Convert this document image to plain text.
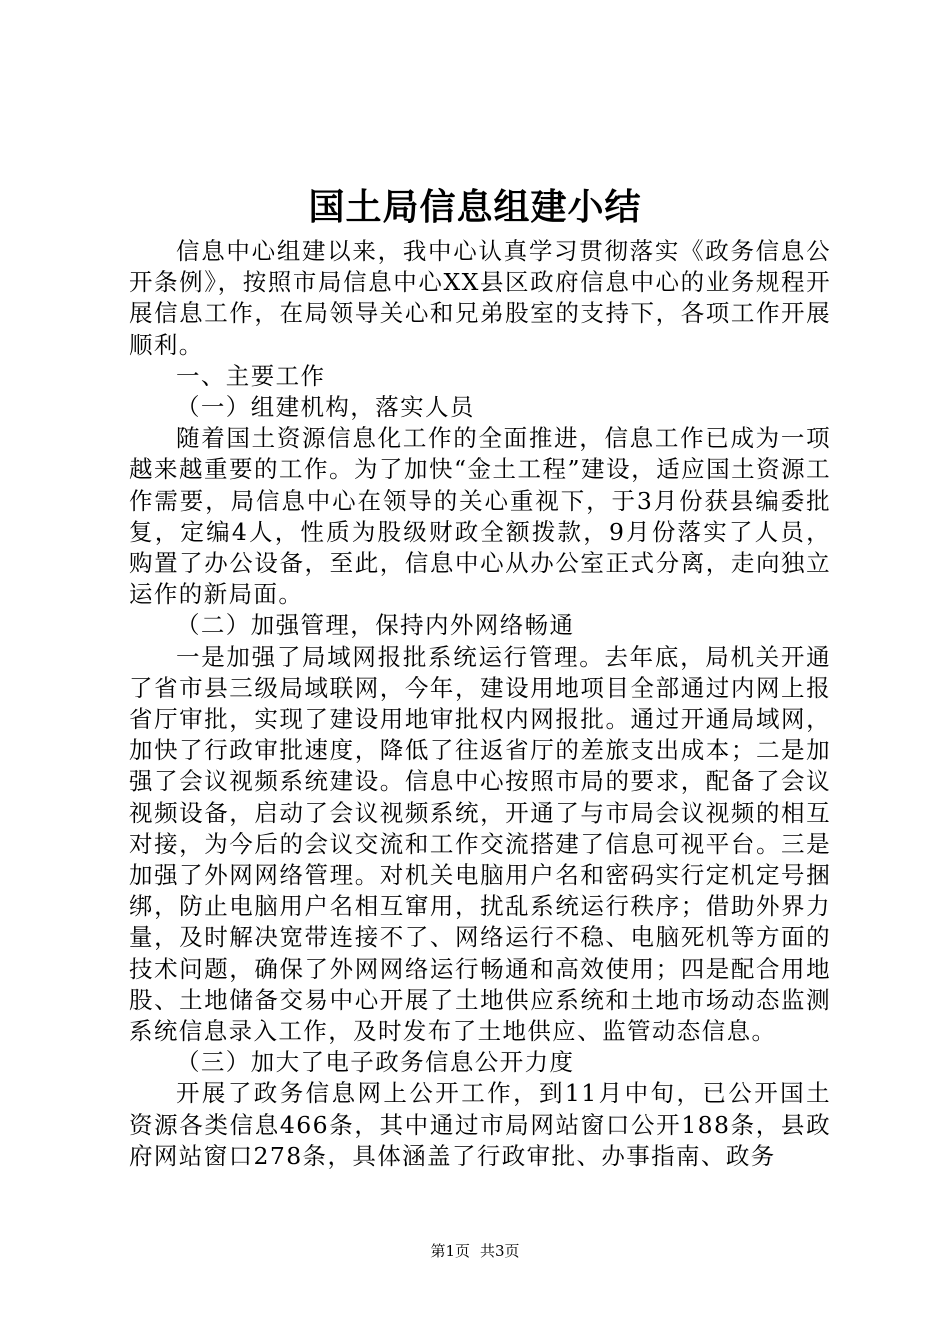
国土局信息组建小结

信息中心组建以来，我中心认真学习贯彻落实《政务信息公开条例》，按照市局信息中心XX县区政府信息中心的业务规程开展信息工作，在局领导关心和兄弟股室的支持下，各项工作开展顺利。

一、主要工作

（一）组建机构，落实人员

随着国土资源信息化工作的全面推进，信息工作已成为一项越来越重要的工作。为了加快“金土工程”建设，适应国土资源工作需要，局信息中心在领导的关心重视下，于3月份获县编委批复，定编4人，性质为股级财政全额拨款，9月份落实了人员，购置了办公设备，至此，信息中心从办公室正式分离，走向独立运作的新局面。

（二）加强管理，保持内外网络畅通

一是加强了局域网报批系统运行管理。去年底，局机关开通了省市县三级局域联网，今年，建设用地项目全部通过内网上报省厅审批，实现了建设用地审批权内网报批。通过开通局域网，加快了行政审批速度，降低了往返省厅的差旅支出成本；二是加强了会议视频系统建设。信息中心按照市局的要求，配备了会议视频设备，启动了会议视频系统，开通了与市局会议视频的相互对接，为今后的会议交流和工作交流搭建了信息可视平台。三是加强了外网网络管理。对机关电脑用户名和密码实行定机定号捆绑，防止电脑用户名相互窜用，扰乱系统运行秩序；借助外界力量，及时解决宽带连接不了、网络运行不稳、电脑死机等方面的技术问题，确保了外网网络运行畅通和高效使用；四是配合用地股、土地储备交易中心开展了土地供应系统和土地市场动态监测系统信息录入工作，及时发布了土地供应、监管动态信息。

（三）加大了电子政务信息公开力度

开展了政务信息网上公开工作，到11月中旬，已公开国土资源各类信息466条，其中通过市局网站窗口公开188条，县政府网站窗口278条，具体涵盖了行政审批、办事指南、政务

第1页 共3页
